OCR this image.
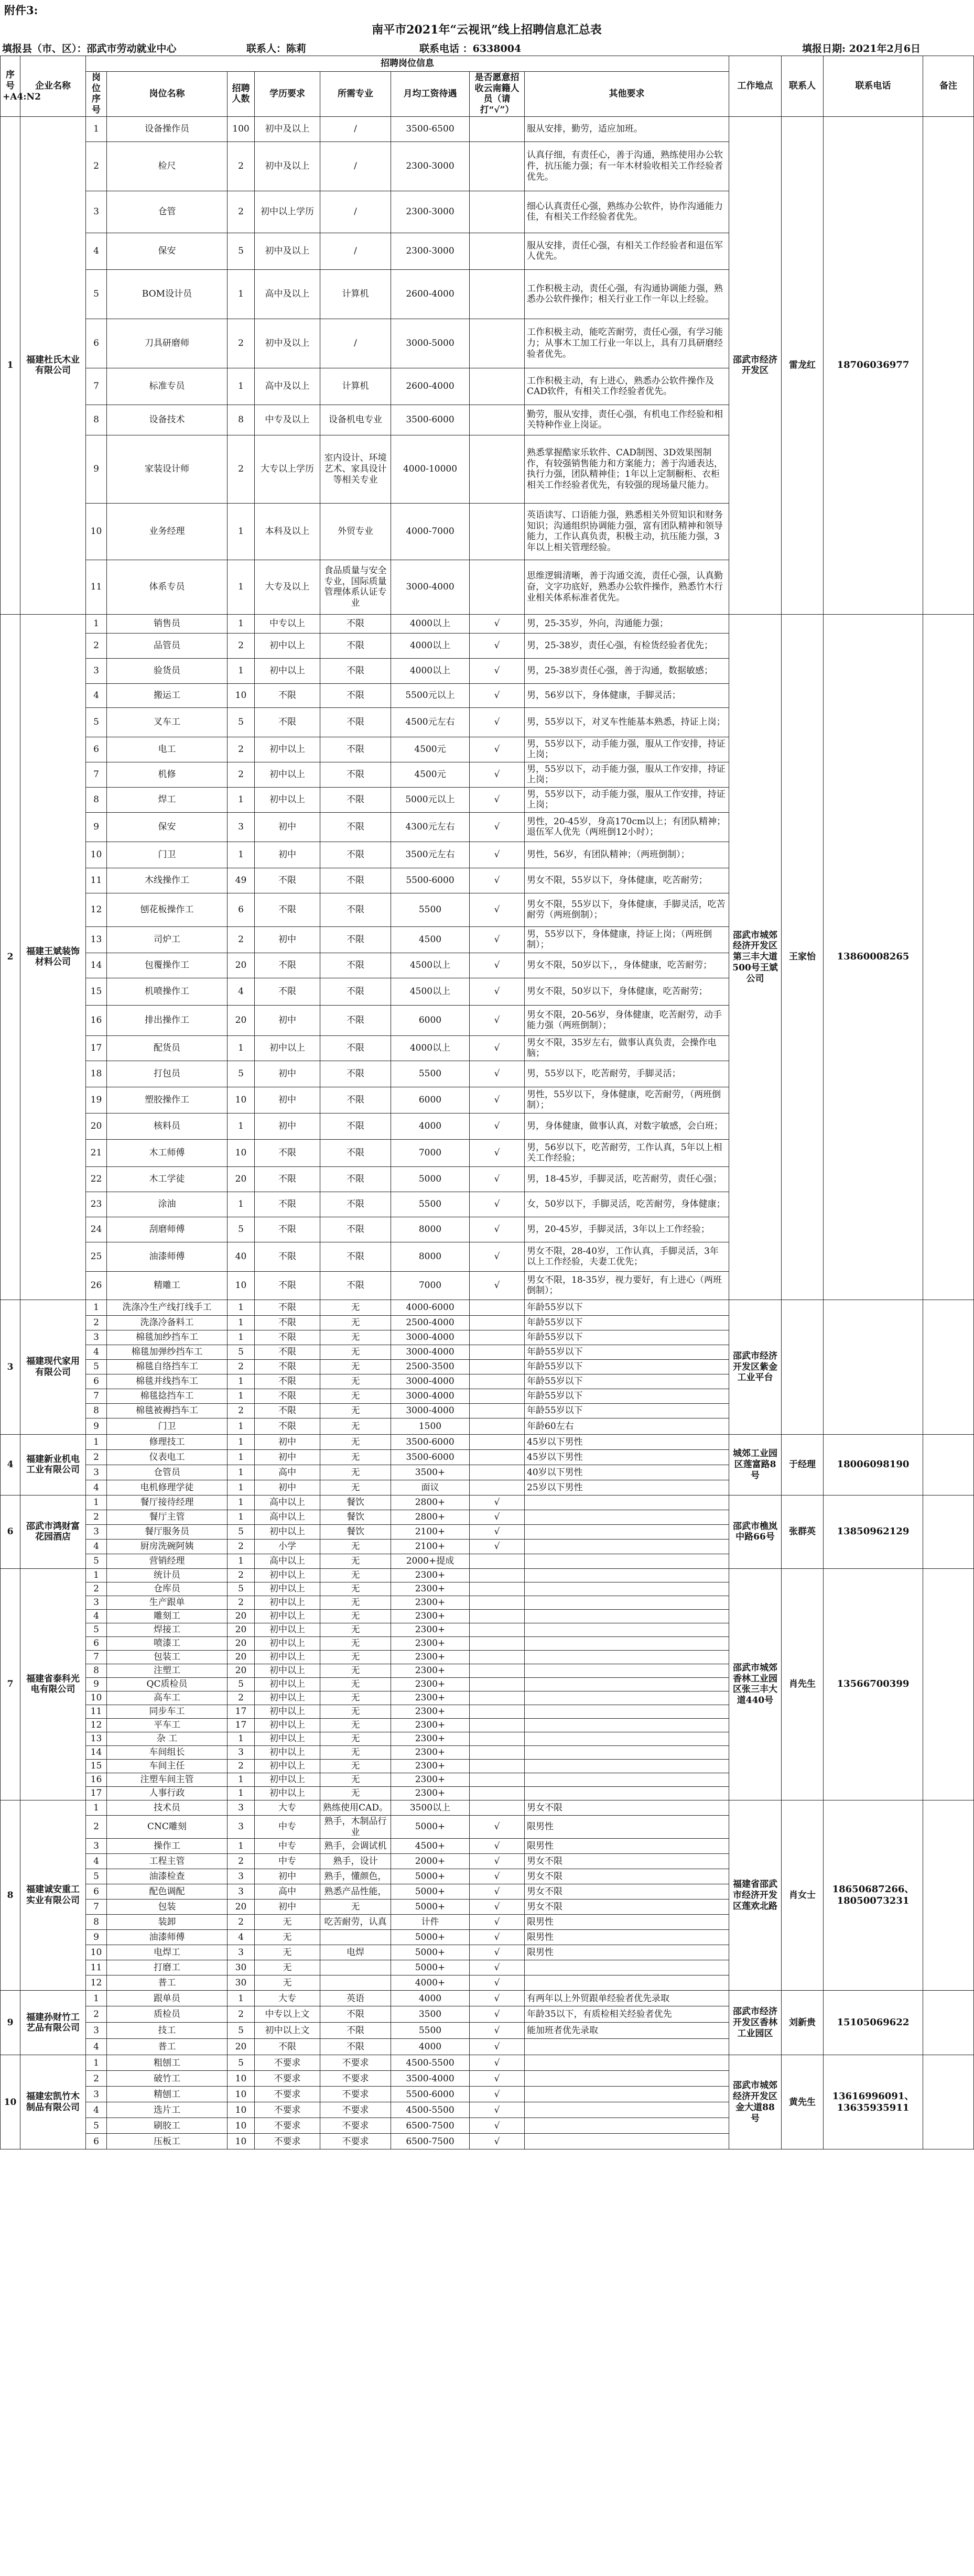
附件3:
南平市2021年“云视讯”线上招聘信息汇总表
填报县（市、区）：邵武市劳动就业中心	联系人：陈莉	联系电话 ：6338004	填报日期: 2021年2月6日
序号+A4:N2	企业名称	招聘岗位信息								工作地点	联系人	联系电话	备注
		岗位序号	岗位名称	招聘人数	学历要求	所需专业	月均工资待遇	是否愿意招收云南籍人员（请打“√”）	其他要求				
1	福建杜氏木业有限公司	1	设备操作员	100	初中及以上	/	3500-6500		服从安排，勤劳，适应加班。	邵武市经济开发区	雷龙红	18706036977	
		2	检尺	2	初中及以上	/	2300-3000		认真仔细，有责任心，善于沟通，熟练使用办公软件，抗压能力强；有一年木材验收相关工作经验者优先。				
		3	仓管	2	初中以上学历	/	2300-3000		细心认真责任心强，熟练办公软件，协作沟通能力佳，有相关工作经验者优先。				
		4	保安	5	初中及以上	/	2300-3000		服从安排，责任心强，有相关工作经验者和退伍军人优先。				
		5	BOM设计员	1	高中及以上	计算机	2600-4000		工作积极主动，责任心强，有沟通协调能力强，熟悉办公软件操作；相关行业工作一年以上经验。				
		6	刀具研磨师	2	初中及以上	/	3000-5000		工作积极主动，能吃苦耐劳，责任心强，有学习能力；从事木工加工行业一年以上，具有刀具研磨经验者优先。				
		7	标准专员	1	高中及以上	计算机	2600-4000		工作积极主动，有上进心，熟悉办公软件操作及CAD软件，有相关工作经验者优先。				
		8	设备技术	8	中专及以上	设备机电专业	3500-6000		勤劳，服从安排，责任心强，有机电工作经验和相关特种作业上岗证。				
		9	家装设计师	2	大专以上学历	室内设计、环境艺术、家具设计等相关专业	4000-10000		熟悉掌握酷家乐软件、CAD制图、3D效果图制作，有较强销售能力和方案能力；善于沟通表达，执行力强，团队精神佳；1年以上定制橱柜、衣柜相关工作经验者优先，有较强的现场量尺能力。				
		10	业务经理	1	本科及以上	外贸专业	4000-7000		英语读写、口语能力强，熟悉相关外贸知识和财务知识；沟通组织协调能力强，富有团队精神和领导能力，工作认真负责，积极主动，抗压能力强，3年以上相关管理经验。				
		11	体系专员	1	大专及以上	食品质量与安全专业，国际质量管理体系认证专业	3000-4000		思维逻辑清晰，善于沟通交流，责任心强，认真勤奋，文字功底好，熟悉办公软件操作，熟悉竹木行业相关体系标准者优先。				
2	福建王斌装饰材料公司	1	销售员	1	中专以上	不限	4000以上	√	男，25-35岁，外向，沟通能力强；	邵武市城郊经济开发区第三丰大道500号王斌公司	王家怡	13860008265	
		2	品管员	2	初中以上	不限	4000以上	√	男，25-38岁，责任心强，有检货经验者优先；				
		3	验货员	1	初中以上	不限	4000以上	√	男，25-38岁责任心强，善于沟通，数据敏感；				
		4	搬运工	10	不限	不限	5500元以上	√	男，56岁以下，身体健康，手脚灵活；				
		5	叉车工	5	不限	不限	4500元左右	√	男，55岁以下，对叉车性能基本熟悉，持证上岗；				
		6	电工	2	初中以上	不限	4500元	√	男，55岁以下，动手能力强，服从工作安排，持证上岗；				
		7	机修	2	初中以上	不限	4500元	√	男，55岁以下，动手能力强，服从工作安排，持证上岗；				
		8	焊工	1	初中以上	不限	5000元以上	√	男，55岁以下，动手能力强，服从工作安排，持证上岗；				
		9	保安	3	初中	不限	4300元左右	√	男性，20-45岁，身高170cm以上；有团队精神；退伍军人优先（两班倒12小时）；				
		10	门卫	1	初中	不限	3500元左右	√	男性，56岁，有团队精神；（两班倒制）；				
		11	木线操作工	49	不限	不限	5500-6000	√	男女不限，55岁以下，身体健康，吃苦耐劳；				
		12	刨花板操作工	6	不限	不限	5500	√	男女不限，55岁以下，身体健康，手脚灵活，吃苦耐劳（两班倒制）；				
		13	司炉工	2	初中	不限	4500	√	男，55岁以下，身体健康，持证上岗；（两班倒制）；				
		14	包覆操作工	20	不限	不限	4500以上	√	男女不限，50岁以下，，身体健康，吃苦耐劳；				
		15	机喷操作工	4	不限	不限	4500以上	√	男女不限，50岁以下，身体健康，吃苦耐劳；				
		16	排出操作工	20	初中	不限	6000	√	男女不限，20-56岁，身体健康，吃苦耐劳，动手能力强（两班倒制）；				
		17	配货员	1	初中以上	不限	4000以上	√	男女不限，35岁左右，做事认真负责，会操作电脑；				
		18	打包员	5	初中	不限	5500	√	男，55岁以下，吃苦耐劳，手脚灵活；				
		19	塑胶操作工	10	初中	不限	6000	√	男性，55岁以下，身体健康，吃苦耐劳，（两班倒制）；				
		20	核料员	1	初中	不限	4000	√	男，身体健康，做事认真，对数字敏感，会白班；				
		21	木工师傅	10	不限	不限	7000	√	男，56岁以下，吃苦耐劳，工作认真，5年以上相关工作经验；				
		22	木工学徒	20	不限	不限	5000	√	男，18-45岁，手脚灵活，吃苦耐劳，责任心强；				
		23	涂油	1	不限	不限	5500	√	女，50岁以下，手脚灵活，吃苦耐劳，身体健康；				
		24	刮磨师傅	5	不限	不限	8000	√	男，20-45岁，手脚灵活，3年以上工作经验；				
		25	油漆师傅	40	不限	不限	8000	√	男女不限，28-40岁，工作认真，手脚灵活，3年以上工作经验，夫妻工优先；				
		26	精雕工	10	不限	不限	7000	√	男女不限，18-35岁，视力要好，有上进心（两班倒制）；				
3	福建现代家用有限公司	1	洗涤冷生产线打线手工	1	不限	无	4000-6000		年龄55岁以下	邵武市经济开发区紫金工业平台			
		2	洗涤冷备料工	1	不限	无	2500-4000		年龄55岁以下				
		3	棉毯加纱挡车工	1	不限	无	3000-4000		年龄55岁以下				
		4	棉毯加弹纱挡车工	5	不限	无	3000-4000		年龄55岁以下				
		5	棉毯自络挡车工	2	不限	无	2500-3500		年龄55岁以下				
		6	棉毯并线挡车工	1	不限	无	3000-4000		年龄55岁以下				
		7	棉毯捻挡车工	1	不限	无	3000-4000		年龄55岁以下				
		8	棉毯被褥挡车工	2	不限	无	3000-4000		年龄55岁以下				
		9	门卫	1	不限	无	1500		年龄60左右				
4	福建新业机电工业有限公司	1	修理技工	1	初中	无	3500-6000		45岁以下男性	城郊工业园区莲富路8号	于经理	18006098190	
		2	仪表电工	1	初中	无	3500-6000		45岁以下男性				
		3	仓管员	1	高中	无	3500+		40岁以下男性				
		4	电机修理学徒	1	初中	无	面议		25岁以下男性				
6	邵武市鸿财富花园酒店	1	餐厅接待经理	1	高中以上	餐饮	2800+	√		邵武市樵岚中路66号	张群英	13850962129	
		2	餐厅主管	1	高中以上	餐饮	2800+	√					
		3	餐厅服务员	5	初中以上	餐饮	2100+	√					
		4	厨房洗碗阿姨	2	小学	无	2100+	√					
		5	营销经理	1	高中以上	无	2000+提成						
7	福建省泰科光电有限公司	1	统计员	2	初中以上	无	2300+			邵武市城郊香林工业园区张三丰大道440号	肖先生	13566700399	
		2	仓库员	5	初中以上	无	2300+						
		3	生产跟单	2	初中以上	无	2300+						
		4	雕刻工	20	初中以上	无	2300+						
		5	焊接工	20	初中以上	无	2300+						
		6	喷漆工	20	初中以上	无	2300+						
		7	包装工	20	初中以上	无	2300+						
		8	注塑工	20	初中以上	无	2300+						
		9	QC质检员	5	初中以上	无	2300+						
		10	高车工	2	初中以上	无	2300+						
		11	同步车工	17	初中以上	无	2300+						
		12	平车工	17	初中以上	无	2300+						
		13	杂 工	1	初中以上	无	2300+						
		14	车间组长	3	初中以上	无	2300+						
		15	车间主任	2	初中以上	无	2300+						
		16	注塑车间主管	1	初中以上	无	2300+						
		17	人事行政	1	初中以上	无	2300+						
8	福建诚安重工实业有限公司	1	技术员	3	大专	熟练使用CAD。	3500以上		男女不限	福建省邵武市经济开发区莲欢北路	肖女士	18650687266、18050073231	
		2	CNC雕刻	3	中专	熟手，木制品行业	5000+	√	限男性				
		3	操作工	1	中专	熟手，会调试机	4500+	√	限男性				
		4	工程主管	2	中专	熟手，设计	2000+	√	男女不限				
		5	油漆检查	3	初中	熟手，懂颜色，	5000+	√	男女不限				
		6	配色调配	3	高中	熟悉产品性能，	5000+	√	男女不限				
		7	包装	20	初中	无	5000+	√	男女不限				
		8	装卸	2	无	吃苦耐劳，认真	计件	√	限男性				
		9	油漆师傅	4	无		5000+	√	限男性				
		10	电焊工	3	无	电焊	5000+	√	限男性				
		11	打磨工	30	无		5000+	√					
		12	普工	30	无		4000+	√					
9	福建孙财竹工艺品有限公司	1	跟单员	1	大专	英语	4000	√	有两年以上外贸跟单经验者优先录取	邵武市经济开发区香林工业园区	刘新贵	15105069622	
		2	质检员	2	中专以上文	不限	3500	√	年龄35以下，有质检相关经验者优先				
		3	技工	5	初中以上文	不限	5500	√	能加班者优先录取				
		4	普工	20	不限	不限	4000	√					
10	福建宏凯竹木制品有限公司	1	粗刨工	5	不要求	不要求	4500-5500	√		邵武市城郊经济开发区金大道88号	黄先生	13616996091、13635935911	
		2	破竹工	10	不要求	不要求	3500-4000	√					
		3	精刨工	10	不要求	不要求	5500-6000	√					
		4	选片工	10	不要求	不要求	4500-5500	√					
		5	刷胶工	10	不要求	不要求	6500-7500	√					
		6	压板工	10	不要求	不要求	6500-7500	√					
